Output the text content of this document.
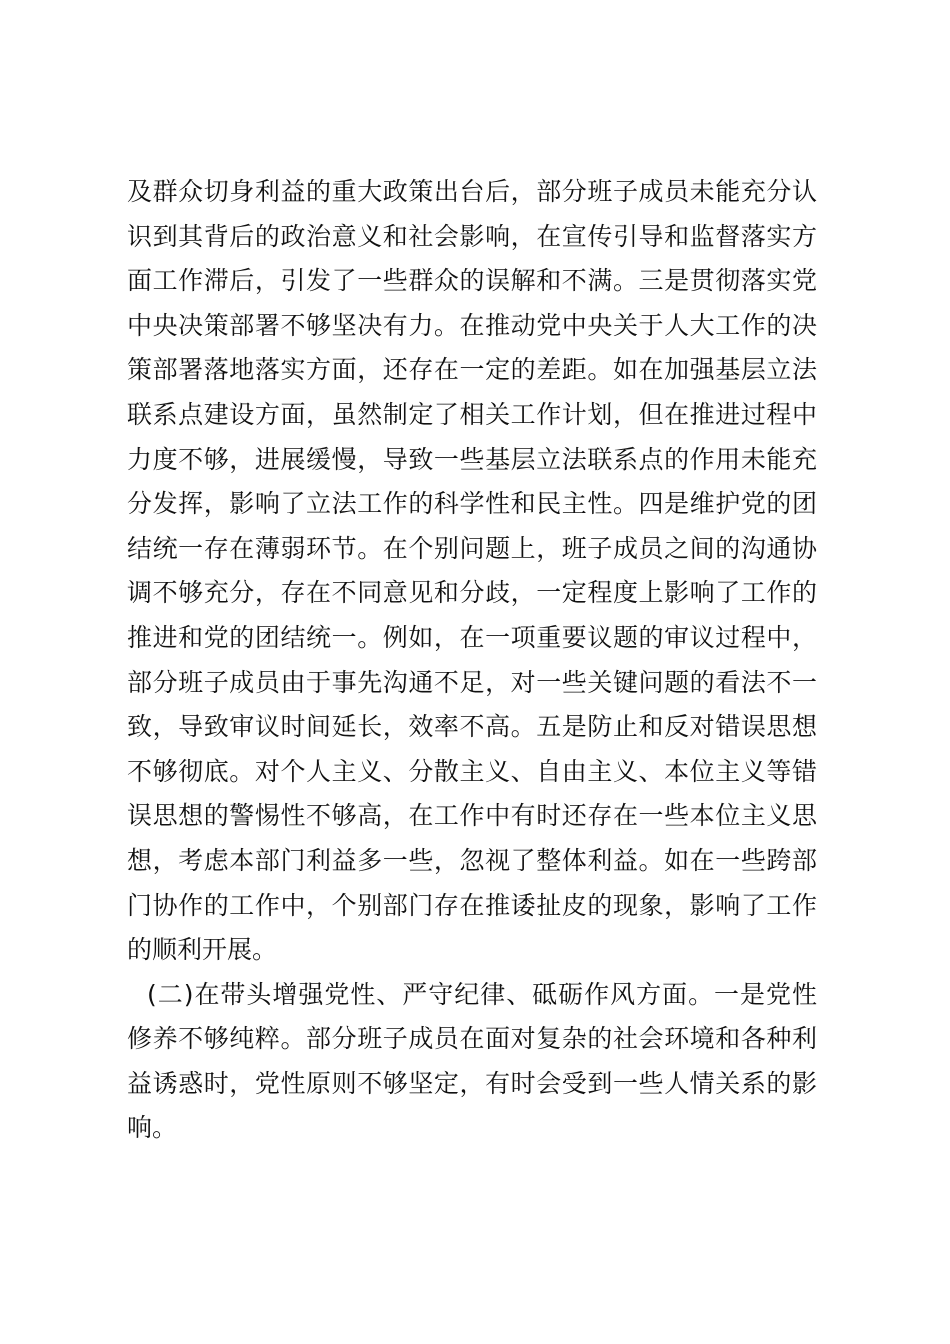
及群众切身利益的重大政策出台后，部分班子成员未能充分认
识到其背后的政治意义和社会影响，在宣传引导和监督落实方
面工作滞后，引发了一些群众的误解和不满。三是贯彻落实党
中央决策部署不够坚决有力。在推动党中央关于人大工作的决
策部署落地落实方面，还存在一定的差距。如在加强基层立法
联系点建设方面，虽然制定了相关工作计划，但在推进过程中
力度不够，进展缓慢，导致一些基层立法联系点的作用未能充
分发挥，影响了立法工作的科学性和民主性。四是维护党的团
结统一存在薄弱环节。在个别问题上，班子成员之间的沟通协
调不够充分，存在不同意见和分歧，一定程度上影响了工作的
推进和党的团结统一。例如，在一项重要议题的审议过程中，
部分班子成员由于事先沟通不足，对一些关键问题的看法不一
致，导致审议时间延长，效率不高。五是防止和反对错误思想
不够彻底。对个人主义、分散主义、自由主义、本位主义等错
误思想的警惕性不够高，在工作中有时还存在一些本位主义思
想，考虑本部门利益多一些，忽视了整体利益。如在一些跨部
门协作的工作中，个别部门存在推诿扯皮的现象，影响了工作
的顺利开展。
(二)在带头增强党性、严守纪律、砥砺作风方面。一是党性
修养不够纯粹。部分班子成员在面对复杂的社会环境和各种利
益诱惑时，党性原则不够坚定，有时会受到一些人情关系的影
响。
